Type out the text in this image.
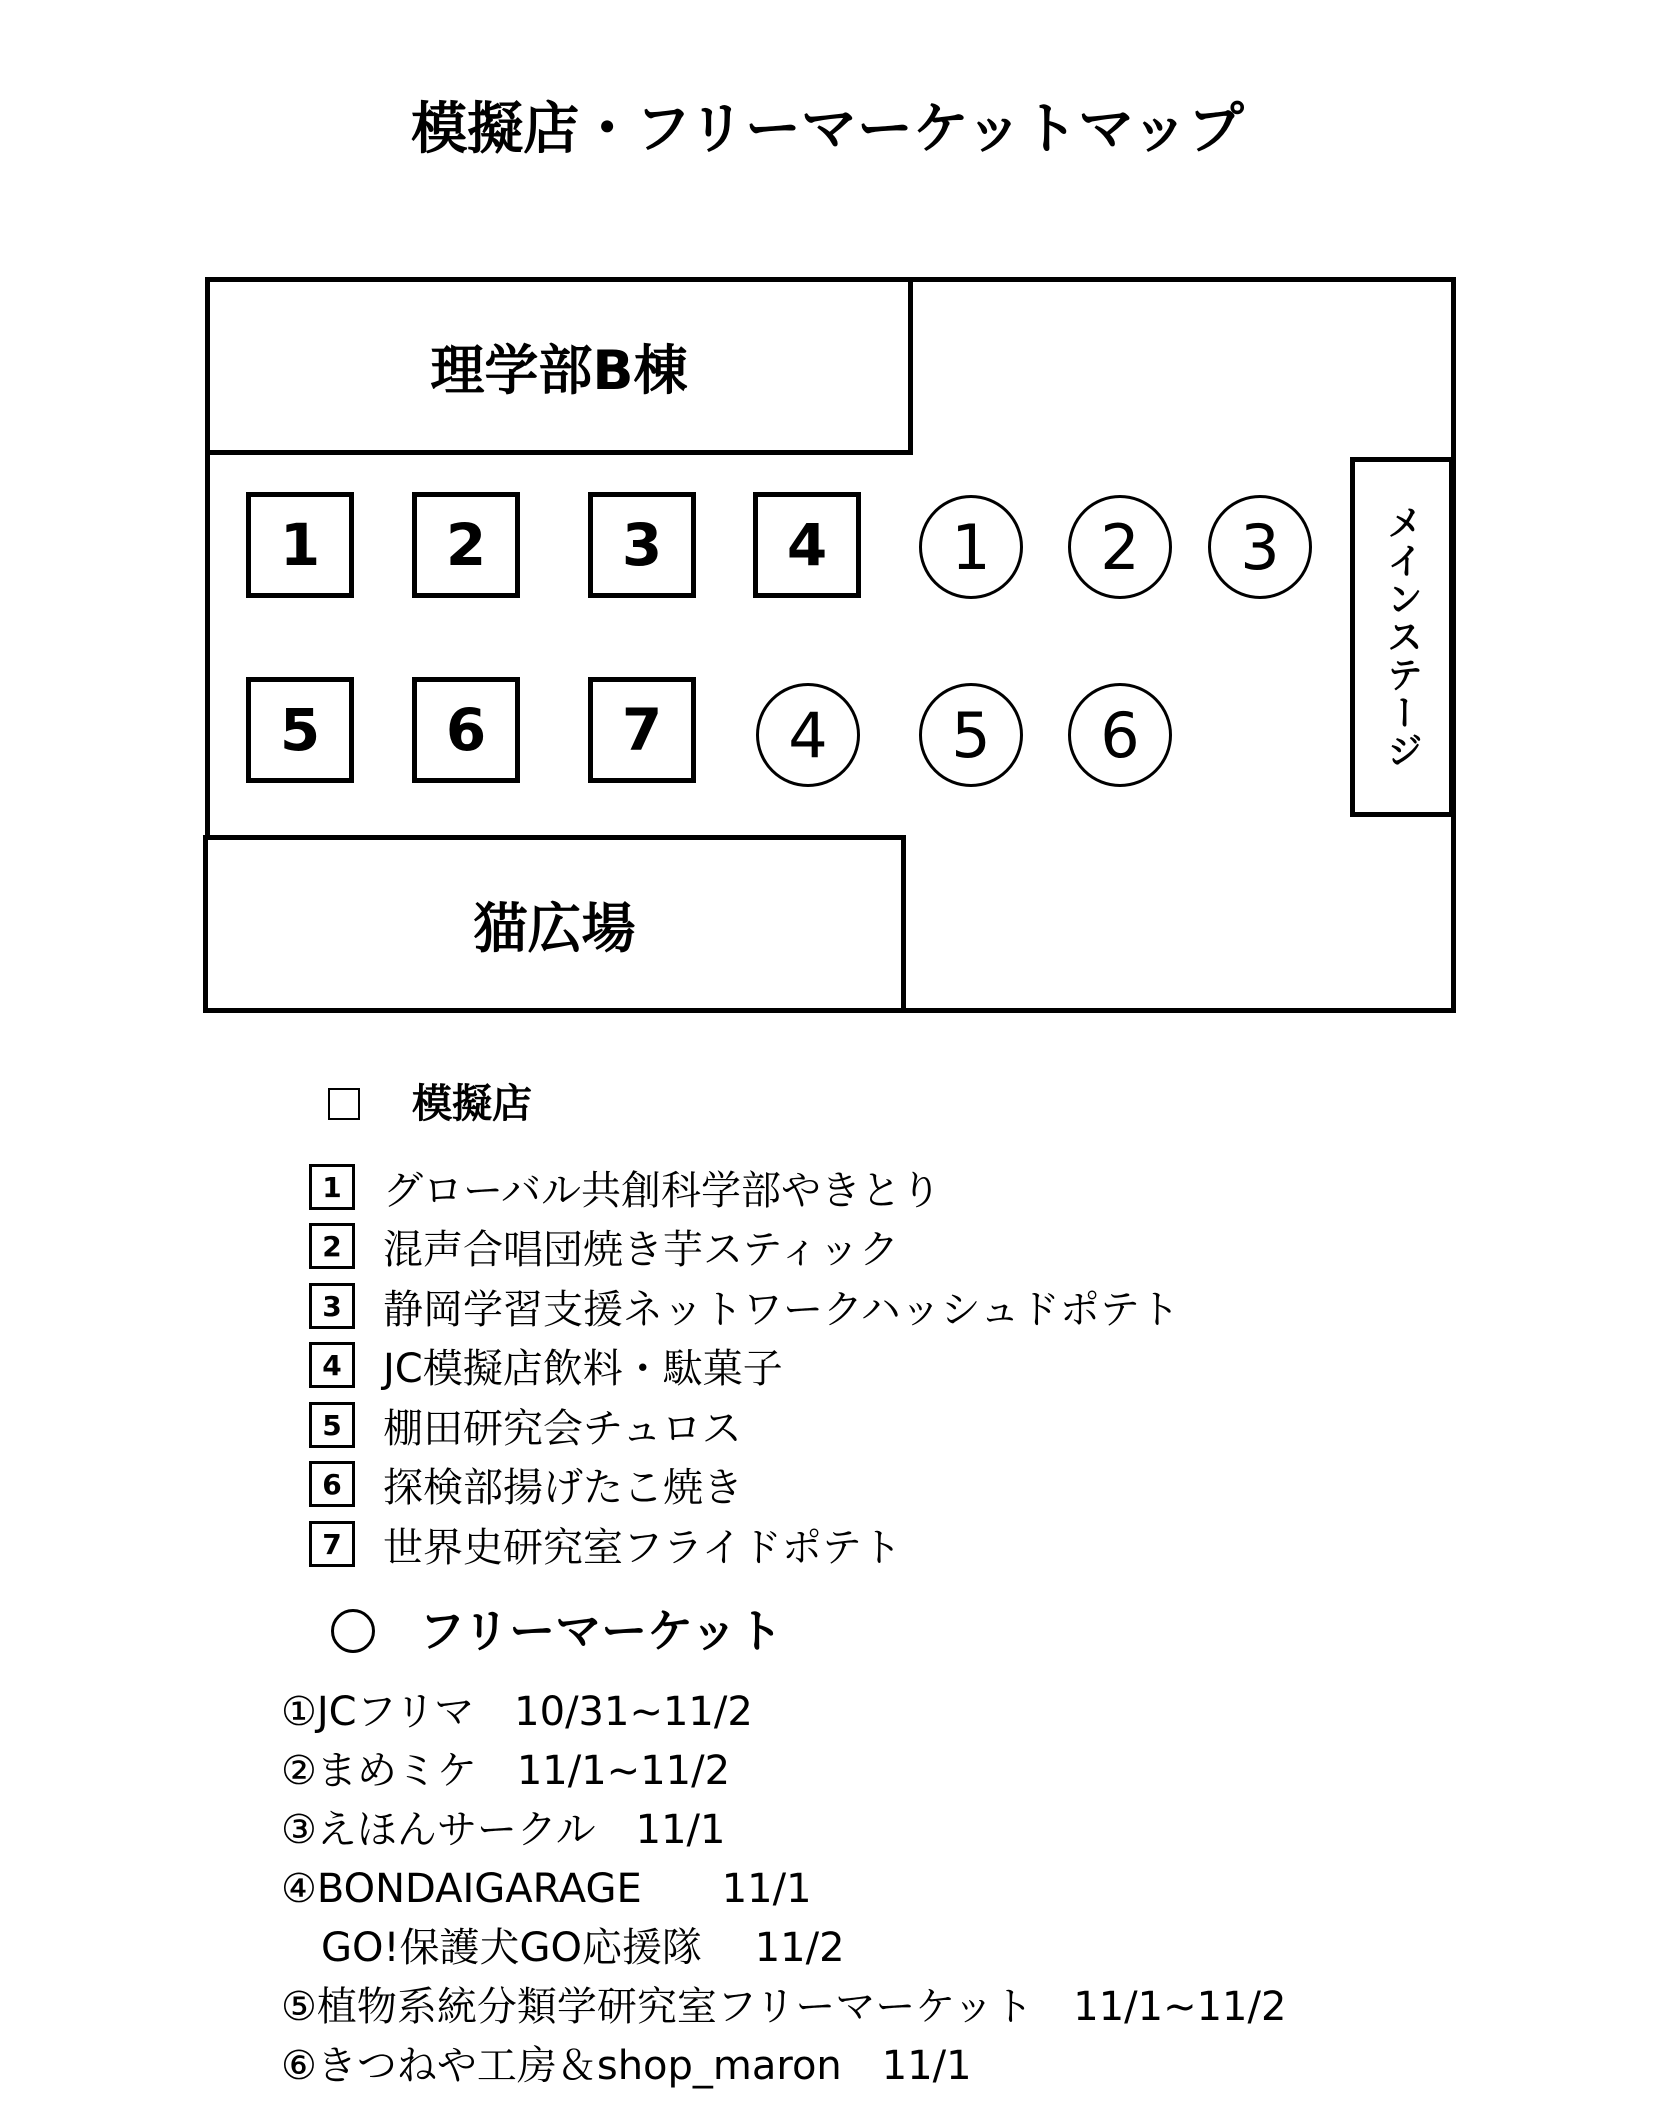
模擬店・フリーマーケットマップ
理学部B棟
猫広場
メインステージ
1	2	3	4
5	6	7
1 2 3
4 5 6
模擬店
1	グローバル共創科学部やきとり
2	混声合唱団焼き芋スティック
3	静岡学習支援ネットワークハッシュドポテト
4	JC模擬店飲料・駄菓子
5	棚田研究会チュロス
6	探検部揚げたこ焼き
7	世界史研究室フライドポテト
フリーマーケット
①JCフリマ　10/31~11/2
②まめミケ　11/1~11/2
③えほんサークル　11/1
④BONDAIGARAGE　　11/1
　GO!保護犬GO応援隊　 11/2
⑤植物系統分類学研究室フリーマーケット　11/1~11/2
⑥きつねや工房＆shop_maron　11/1
